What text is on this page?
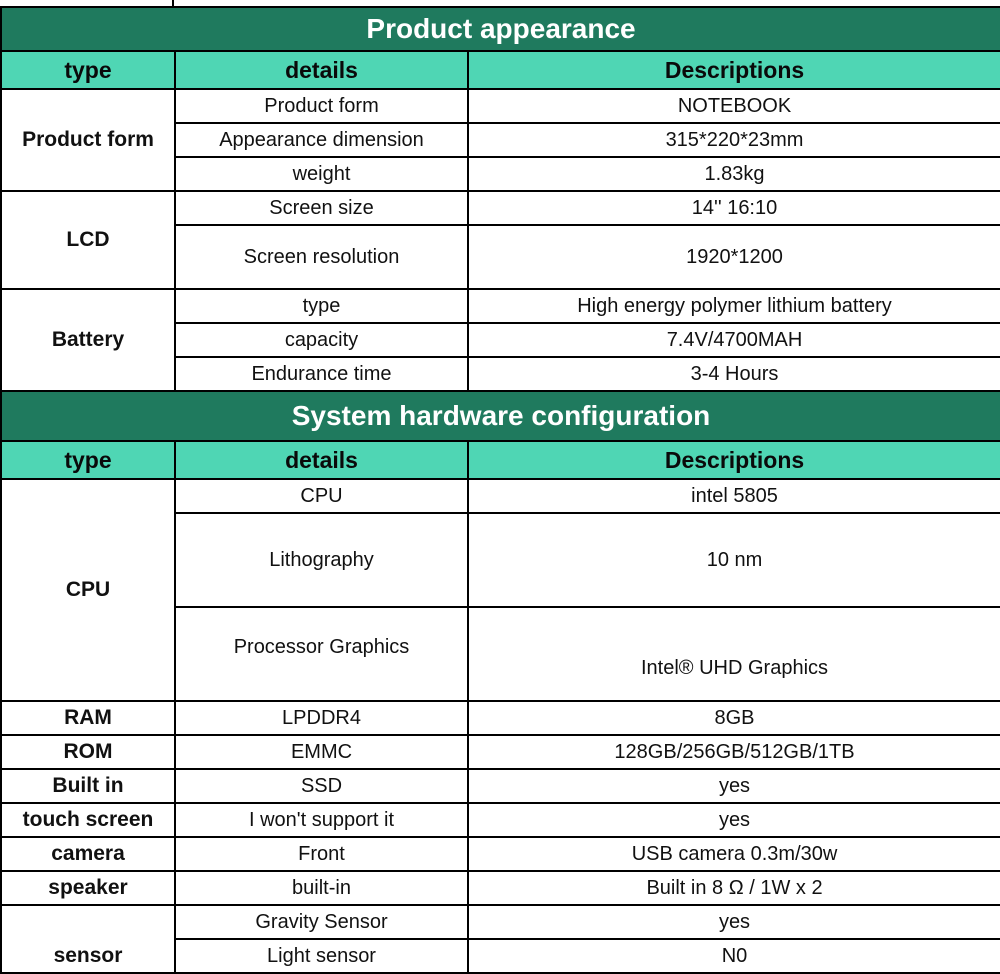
Product appearance		
type	details	Descriptions
Product form	Product form	NOTEBOOK
	Appearance dimension	315*220*23mm
	weight	1.83kg
LCD	Screen size	14'' 16:10
	Screen resolution	1920*1200
Battery	type	High energy polymer lithium battery
	capacity	7.4V/4700MAH
	Endurance time	3-4 Hours
System hardware configuration		
type	details	Descriptions
CPU	CPU	intel 5805
	Lithography	10 nm
	Processor Graphics	Intel® UHD Graphics
RAM	LPDDR4	8GB
ROM	EMMC	128GB/256GB/512GB/1TB
Built in	SSD	yes
touch screen	I won't support it	yes
camera	Front	USB camera 0.3m/30w
speaker	built-in	Built in 8 Ω / 1W x 2
sensor	Gravity Sensor	yes
	Light sensor	N0
